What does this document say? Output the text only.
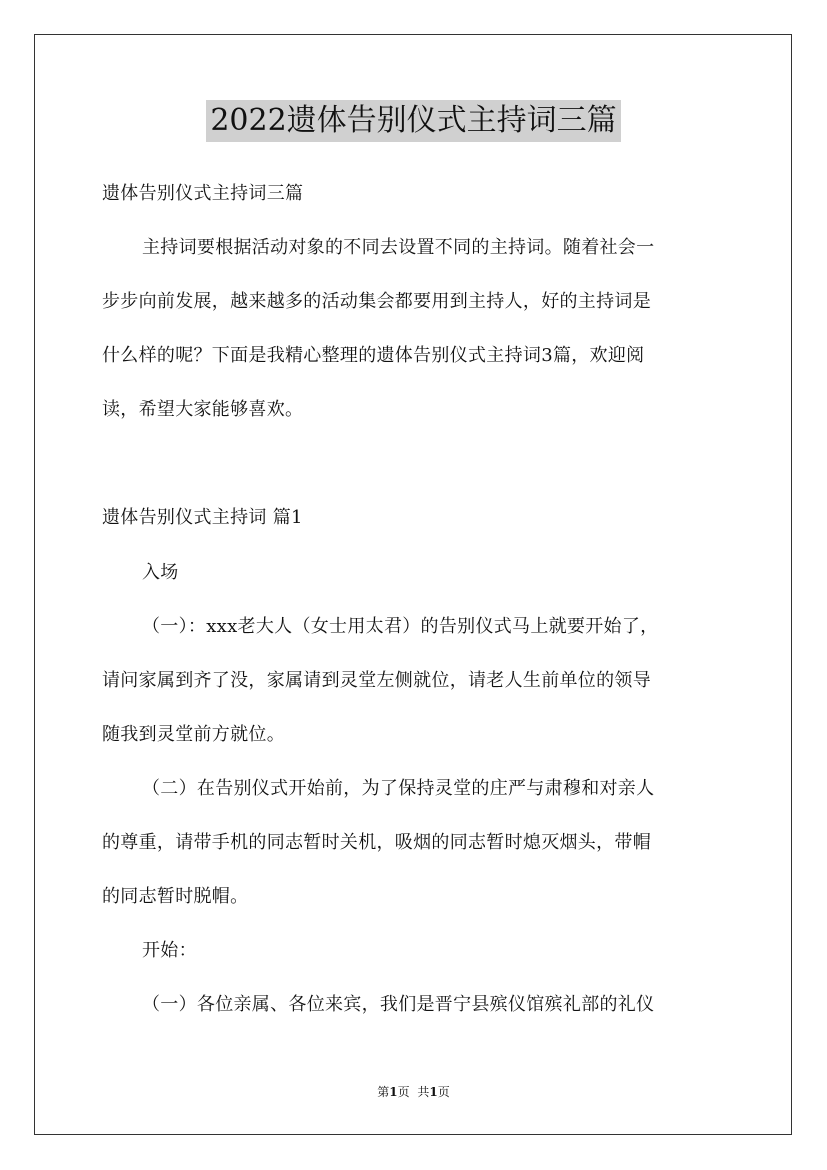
2022遗体告别仪式主持词三篇
遗体告别仪式主持词三篇
主持词要根据活动对象的不同去设置不同的主持词。随着社会一
步步向前发展，越来越多的活动集会都要用到主持人，好的主持词是
什么样的呢？下面是我精心整理的遗体告别仪式主持词3篇，欢迎阅
读，希望大家能够喜欢。
遗体告别仪式主持词 篇1
入场
（一）：xxx老大人（女士用太君）的告别仪式马上就要开始了，
请问家属到齐了没，家属请到灵堂左侧就位，请老人生前单位的领导
随我到灵堂前方就位。
（二）在告别仪式开始前，为了保持灵堂的庄严与肃穆和对亲人
的尊重，请带手机的同志暂时关机，吸烟的同志暂时熄灭烟头，带帽
的同志暂时脱帽。
开始：
（一）各位亲属、各位来宾，我们是晋宁县殡仪馆殡礼部的礼仪
第1页 共1页
